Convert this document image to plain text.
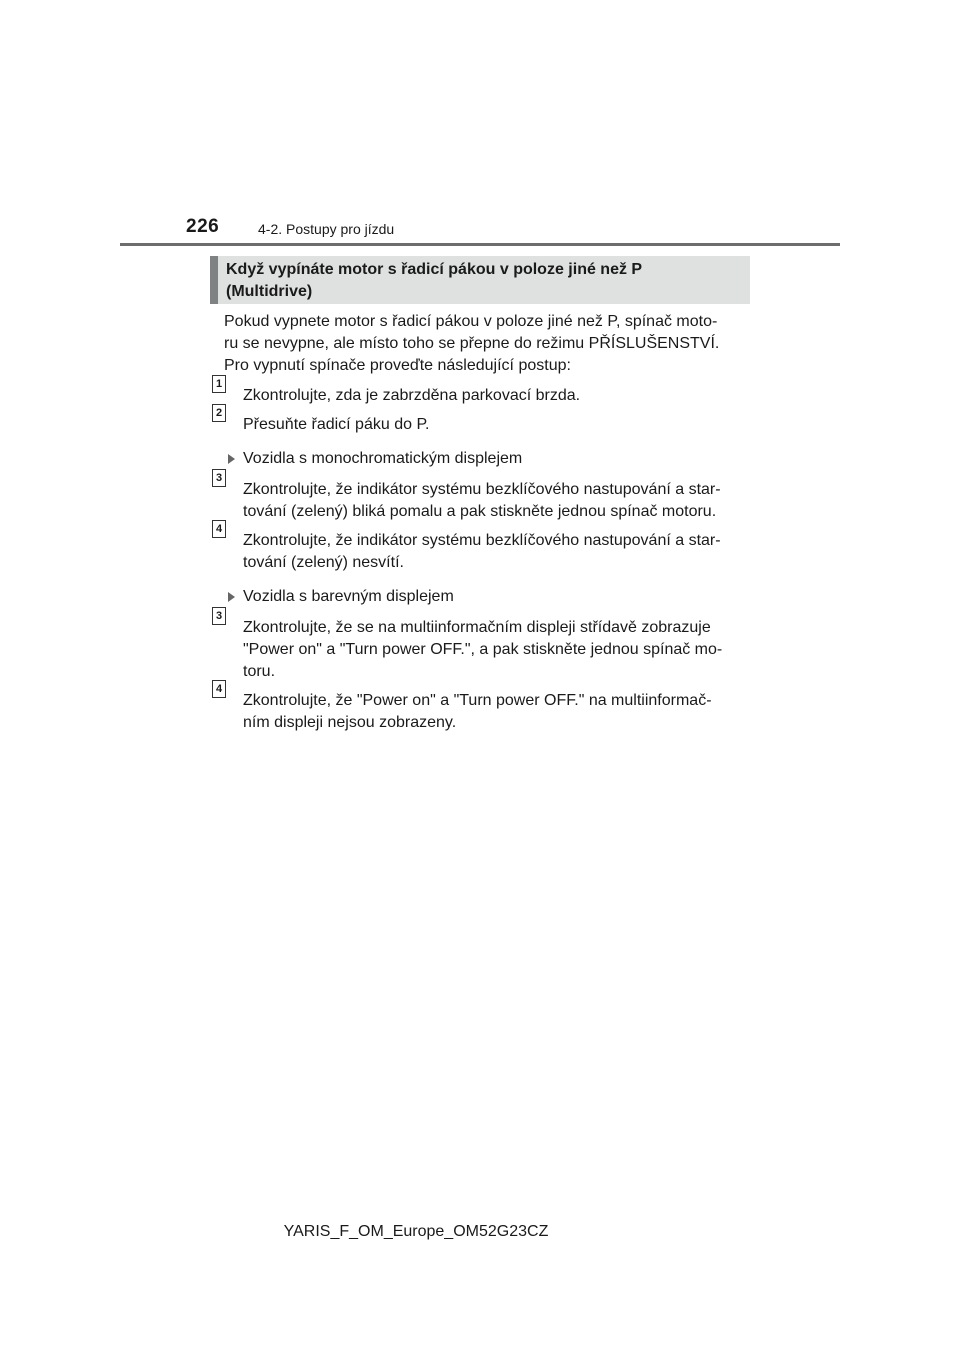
226	4-2. Postupy pro jízdu
Když vypínáte motor s řadicí pákou v poloze jiné než P
(Multidrive)

Pokud vypnete motor s řadicí pákou v poloze jiné než P, spínač moto-
ru se nevypne, ale místo toho se přepne do režimu PŘÍSLUŠENSTVÍ.
Pro vypnutí spínače proveďte následující postup:

1
Zkontrolujte, zda je zabrzděna parkovací brzda.
2
Přesuňte řadicí páku do P.
Vozidla s monochromatickým displejem
3
Zkontrolujte, že indikátor systému bezklíčového nastupování a star-
tování (zelený) bliká pomalu a pak stiskněte jednou spínač motoru.
4
Zkontrolujte, že indikátor systému bezklíčového nastupování a star-
tování (zelený) nesvítí.
Vozidla s barevným displejem
3
Zkontrolujte, že se na multiinformačním displeji střídavě zobrazuje
"Power on" a "Turn power OFF.", a pak stiskněte jednou spínač mo-
toru.
4
Zkontrolujte, že "Power on" a "Turn power OFF." na multiinformač-
ním displeji nejsou zobrazeny.
YARIS_F_OM_Europe_OM52G23CZ
